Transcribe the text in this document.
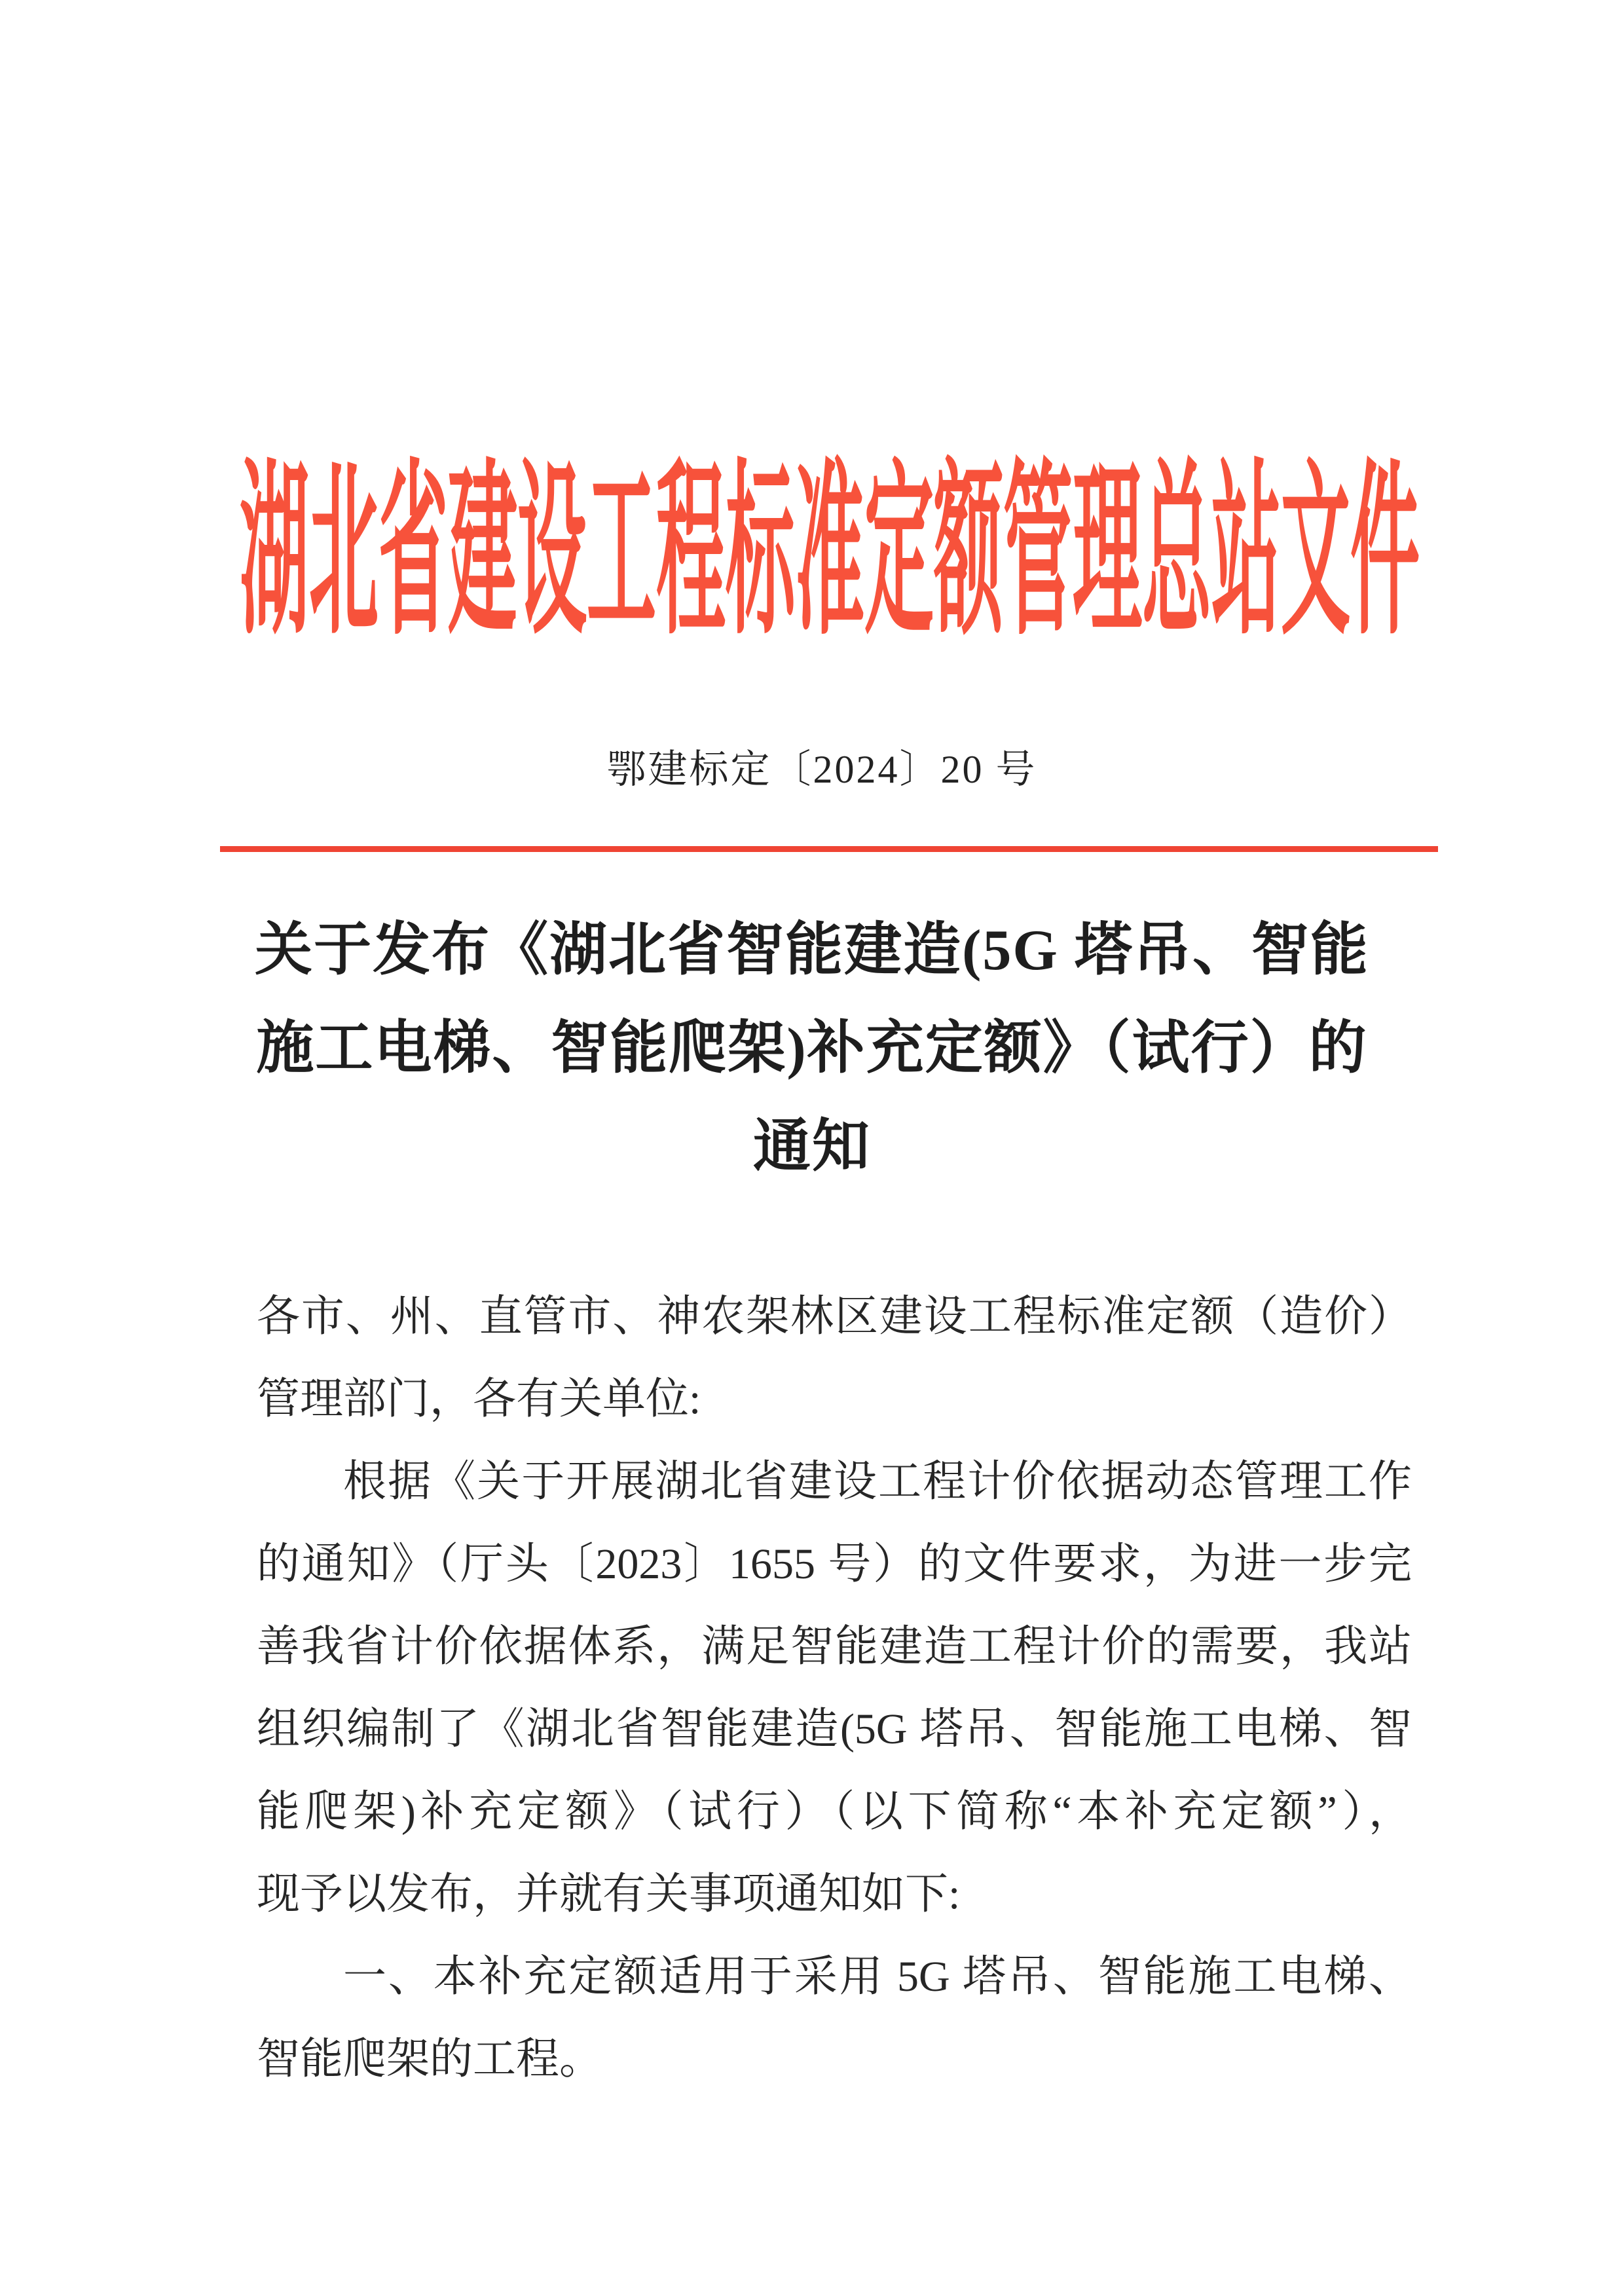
湖北省建设工程标准定额管理总站文件
鄂建标定〔2024〕20 号
关于发布《湖北省智能建造(5G 塔吊、智能
施工电梯、智能爬架)补充定额》（试行）的
通知
各市、州、直管市、神农架林区建设工程标准定额（造价）
管理部门，各有关单位:
根据《关于开展湖北省建设工程计价依据动态管理工作
的通知》（厅头〔2023〕1655 号）的文件要求，为进一步完
善我省计价依据体系，满足智能建造工程计价的需要，我站
组织编制了《湖北省智能建造(5G 塔吊、智能施工电梯、智
能爬架)补充定额》（试行）（以下简称“本补充定额”），
现予以发布，并就有关事项通知如下:
一、本补充定额适用于采用 5G 塔吊、智能施工电梯、
智能爬架的工程。
